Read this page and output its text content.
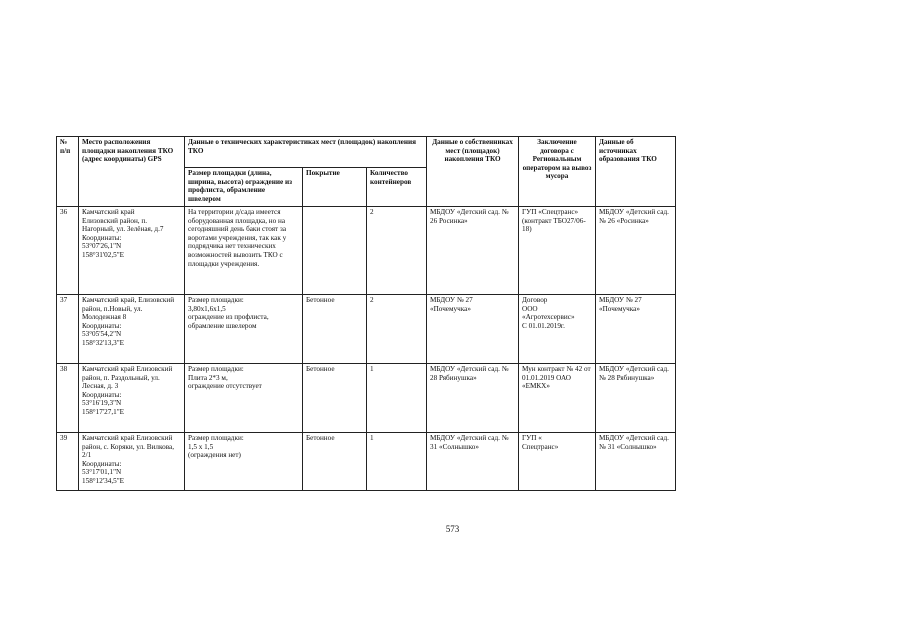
№
п/п	Место расположения площадки накопления ТКО (адрес координаты) GPS	Данные о технических характеристиках мест (площадок) накопления ТКО			Данные о собственниках мест (площадок) накопления ТКО	Заключение договора с Региональным оператором на вывоз мусора	Данные об источниках образования ТКО
		Размер площадки (длина, ширина, высота) ограждение из профлиста, обрамление швелером	Покрытие	Количество контейнеров			
36	Камчатский край
Елизовский район, п. Нагорный, ул. Зелёная, д.7
Координаты:
53°07'26,1"N
158°31'02,5"E	На территории д/сада имеется оборудованная площадка, но на сегодняшний день баки стоят за воротами учреждения, так как у подрядчика нет технических возможностей вывозить ТКО с площадки учреждения.		2	МБДОУ «Детский сад. № 26 Росинка»	ГУП «Спецтранс» (контракт ТБО27/06-18)	МБДОУ «Детский сад. № 26 «Росинка»
37	Камчатский край, Елизовский район, п.Новый, ул. Молодежная 8
Координаты:
53°05'54,2"N
158°32'13,3"E	Размер площадки:
3,80х1,6х1,5
ограждение из профлиста, обрамление швелером	Бетонное	2	МБДОУ № 27
«Почемучка»	Договор
ООО
«Агротехсервис»
С 01.01.2019г.	МБДОУ № 27
«Почемучка»
38	Камчатский край Елизовский район, п. Раздольный, ул. Лесная, д. 3
Координаты:
53°16'19,3"N
158°17'27,1"E	Размер площадки:
Плита 2*3 м,
ограждение отсутствует	Бетонное	1	МБДОУ «Детский сад. № 28 Рябинушка»	Мун контракт № 42 от 01.01.2019 ОАО «ЕМКХ»	МБДОУ «Детский сад. № 28 Рябинушка»
39	Камчатский край Елизовский район, с. Коряки, ул. Вилкова, 2/1
Координаты:
53°17'01,1"N
158°12'34,5"E	Размер площадки:
1,5 х 1,5
(ограждения нет)	Бетонное	1	МБДОУ «Детский сад. № 31 «Солнышко»	ГУП «
Спецтранс»	МБДОУ «Детский сад. № 31 «Солнышко»
573
